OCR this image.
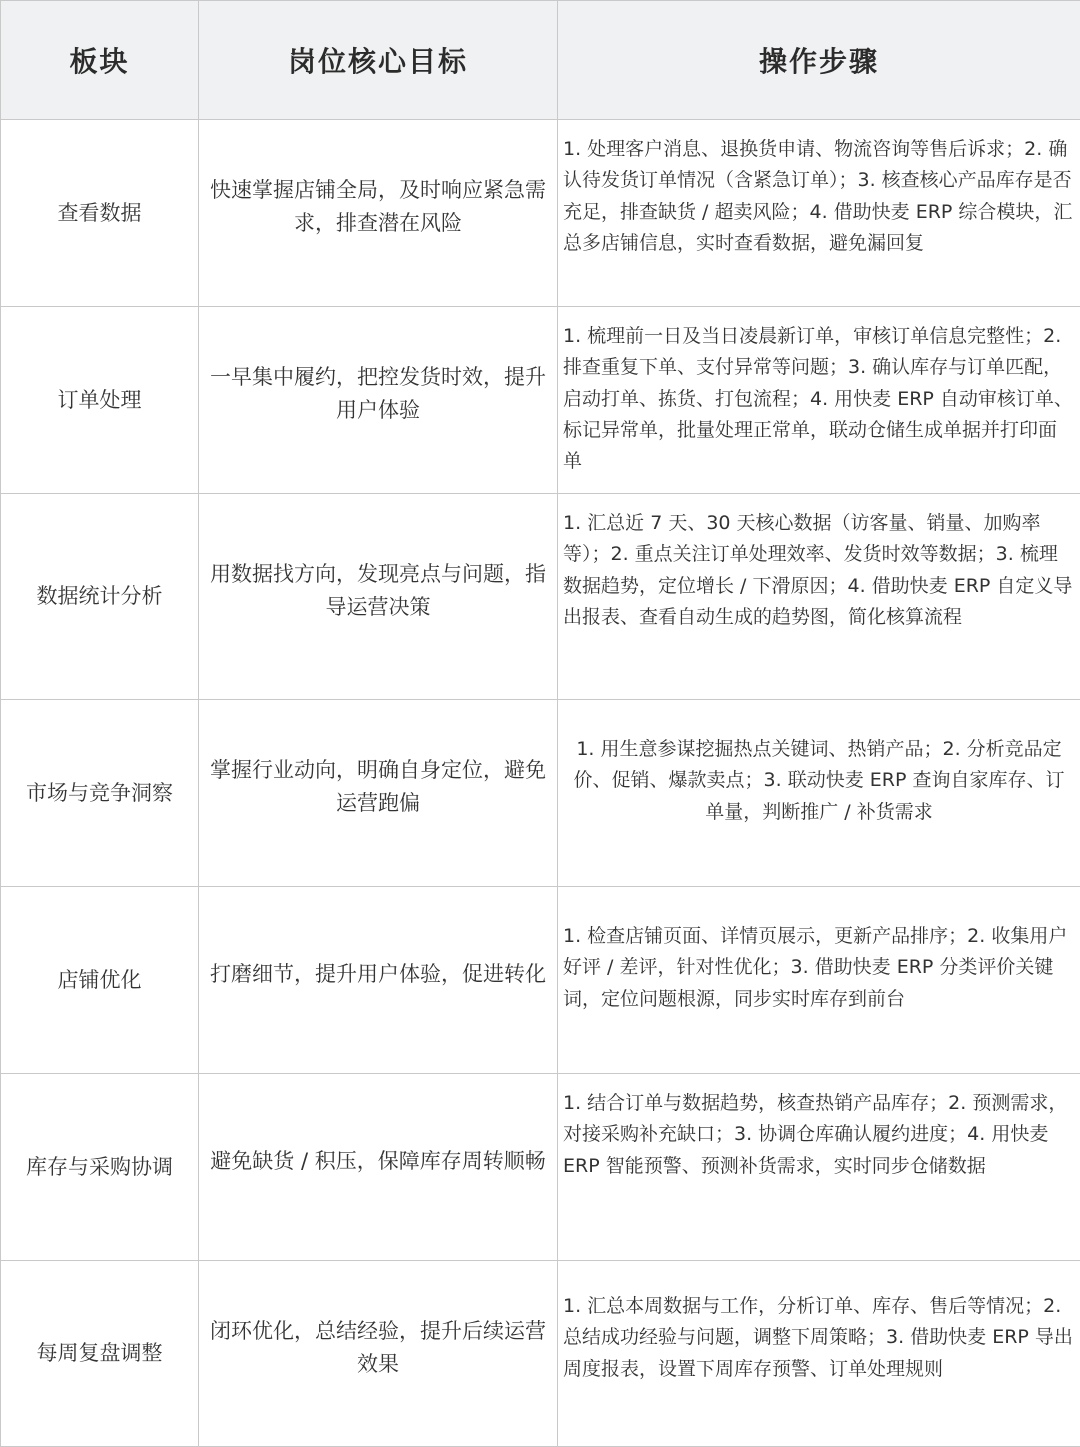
板块	岗位核心目标	操作步骤
查看数据	快速掌握店铺全局，及时响应紧急需求，排查潜在风险	1. 处理客户消息、退换货申请、物流咨询等售后诉求；2. 确认待发货订单情况（含紧急订单）；3. 核查核心产品库存是否充足，排查缺货 / 超卖风险；4. 借助快麦 ERP 综合模块，汇总多店铺信息，实时查看数据，避免漏回复
订单处理	一早集中履约，把控发货时效，提升用户体验	1. 梳理前一日及当日凌晨新订单，审核订单信息完整性；2. 排查重复下单、支付异常等问题；3. 确认库存与订单匹配，启动打单、拣货、打包流程；4. 用快麦 ERP 自动审核订单、标记异常单，批量处理正常单，联动仓储生成单据并打印面单
数据统计分析	用数据找方向，发现亮点与问题，指导运营决策	1. 汇总近 7 天、30 天核心数据（访客量、销量、加购率等）；2. 重点关注订单处理效率、发货时效等数据；3. 梳理数据趋势，定位增长 / 下滑原因；4. 借助快麦 ERP 自定义导出报表、查看自动生成的趋势图，简化核算流程
市场与竞争洞察	掌握行业动向，明确自身定位，避免运营跑偏	1. 用生意参谋挖掘热点关键词、热销产品；2. 分析竞品定价、促销、爆款卖点；3. 联动快麦 ERP 查询自家库存、订单量，判断推广 / 补货需求
店铺优化	打磨细节，提升用户体验，促进转化	1. 检查店铺页面、详情页展示，更新产品排序；2. 收集用户好评 / 差评，针对性优化；3. 借助快麦 ERP 分类评价关键词，定位问题根源，同步实时库存到前台
库存与采购协调	避免缺货 / 积压，保障库存周转顺畅	1. 结合订单与数据趋势，核查热销产品库存；2. 预测需求，对接采购补充缺口；3. 协调仓库确认履约进度；4. 用快麦 ERP 智能预警、预测补货需求，实时同步仓储数据
每周复盘调整	闭环优化，总结经验，提升后续运营效果	1. 汇总本周数据与工作，分析订单、库存、售后等情况；2. 总结成功经验与问题，调整下周策略；3. 借助快麦 ERP 导出周度报表，设置下周库存预警、订单处理规则
